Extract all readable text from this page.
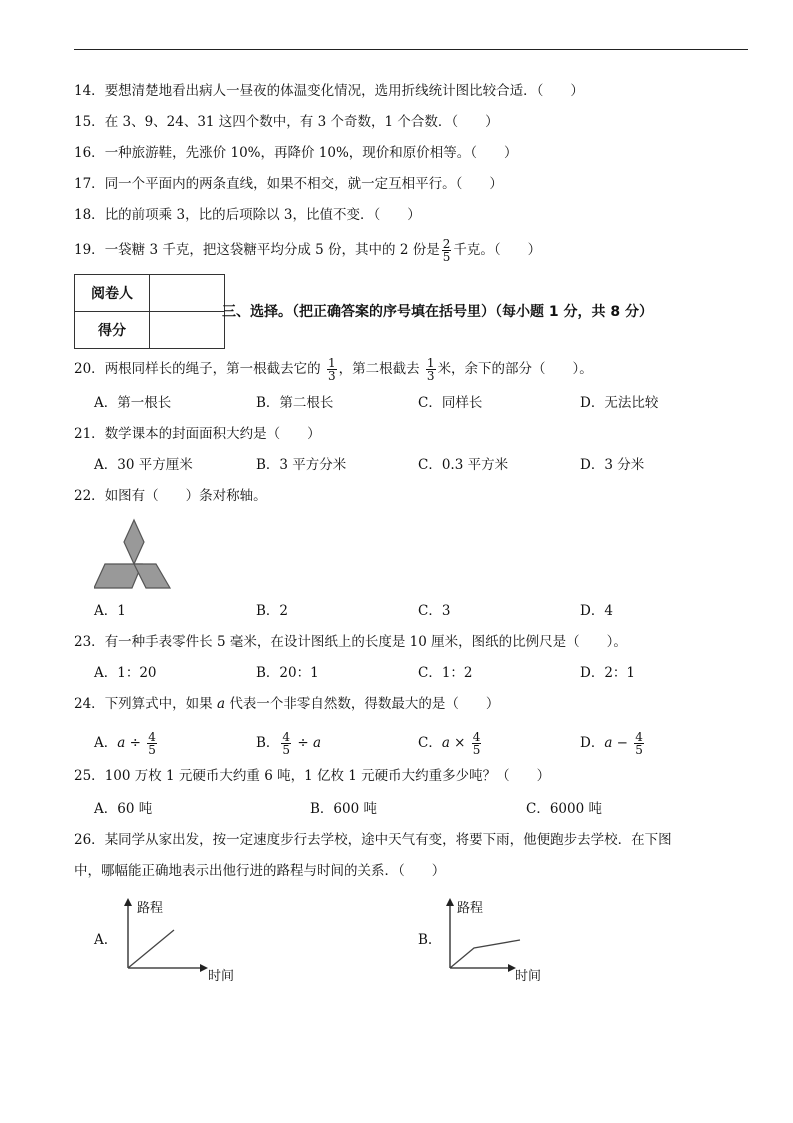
14．要想清楚地看出病人一昼夜的体温变化情况，选用折线统计图比较合适．（　　）
15．在 3、9、24、31 这四个数中，有 3 个奇数，1 个合数．（　　）
16．一种旅游鞋，先涨价 10%，再降价 10%，现价和原价相等。（　　）
17．同一个平面内的两条直线，如果不相交，就一定互相平行。（　　）
18．比的前项乘 3，比的后项除以 3，比值不变．（　　）
19．一袋糖 3 千克，把这袋糖平均分成 5 份，其中的 2 份是 $\frac{2}{5}$ 千克。（　　）
阅卷人	
得分	
三、选择。（把正确答案的序号填在括号里）（每小题 1 分，共 8 分）
20．两根同样长的绳子，第一根截去它的 $\frac{1}{3}$ ，第二根截去 $\frac{1}{3}$ 米，余下的部分（　　）。
A．第一根长	B．第二根长	C．同样长	D．无法比较
21．数学课本的封面面积大约是（　　）
A．30 平方厘米	B．3 平方分米	C．0.3 平方米	D．3 分米
22．如图有（　　）条对称轴。
A．1	B．2	C．3	D．4
23．有一种手表零件长 5 毫米，在设计图纸上的长度是 10 厘米，图纸的比例尺是（　　）。
A．1：20	B．20：1	C．1：2	D．2：1
24．下列算式中，如果 a 代表一个非零自然数，得数最大的是（　　）
A．$a \div \frac{4}{5}$	B． $\frac{4}{5} \div a$	C．$a \times \frac{4}{5}$	D．$a - \frac{4}{5}$
25．100 万枚 1 元硬币大约重 6 吨，1 亿枚 1 元硬币大约重多少吨？（　　）
A．60 吨	B．600 吨	C．6000 吨
26．某同学从家出发，按一定速度步行去学校，途中天气有变，将要下雨，他便跑步去学校．在下图
中，哪幅能正确地表示出他行进的路程与时间的关系．（　　）
A.
路程
时间
B.
路程
时间
